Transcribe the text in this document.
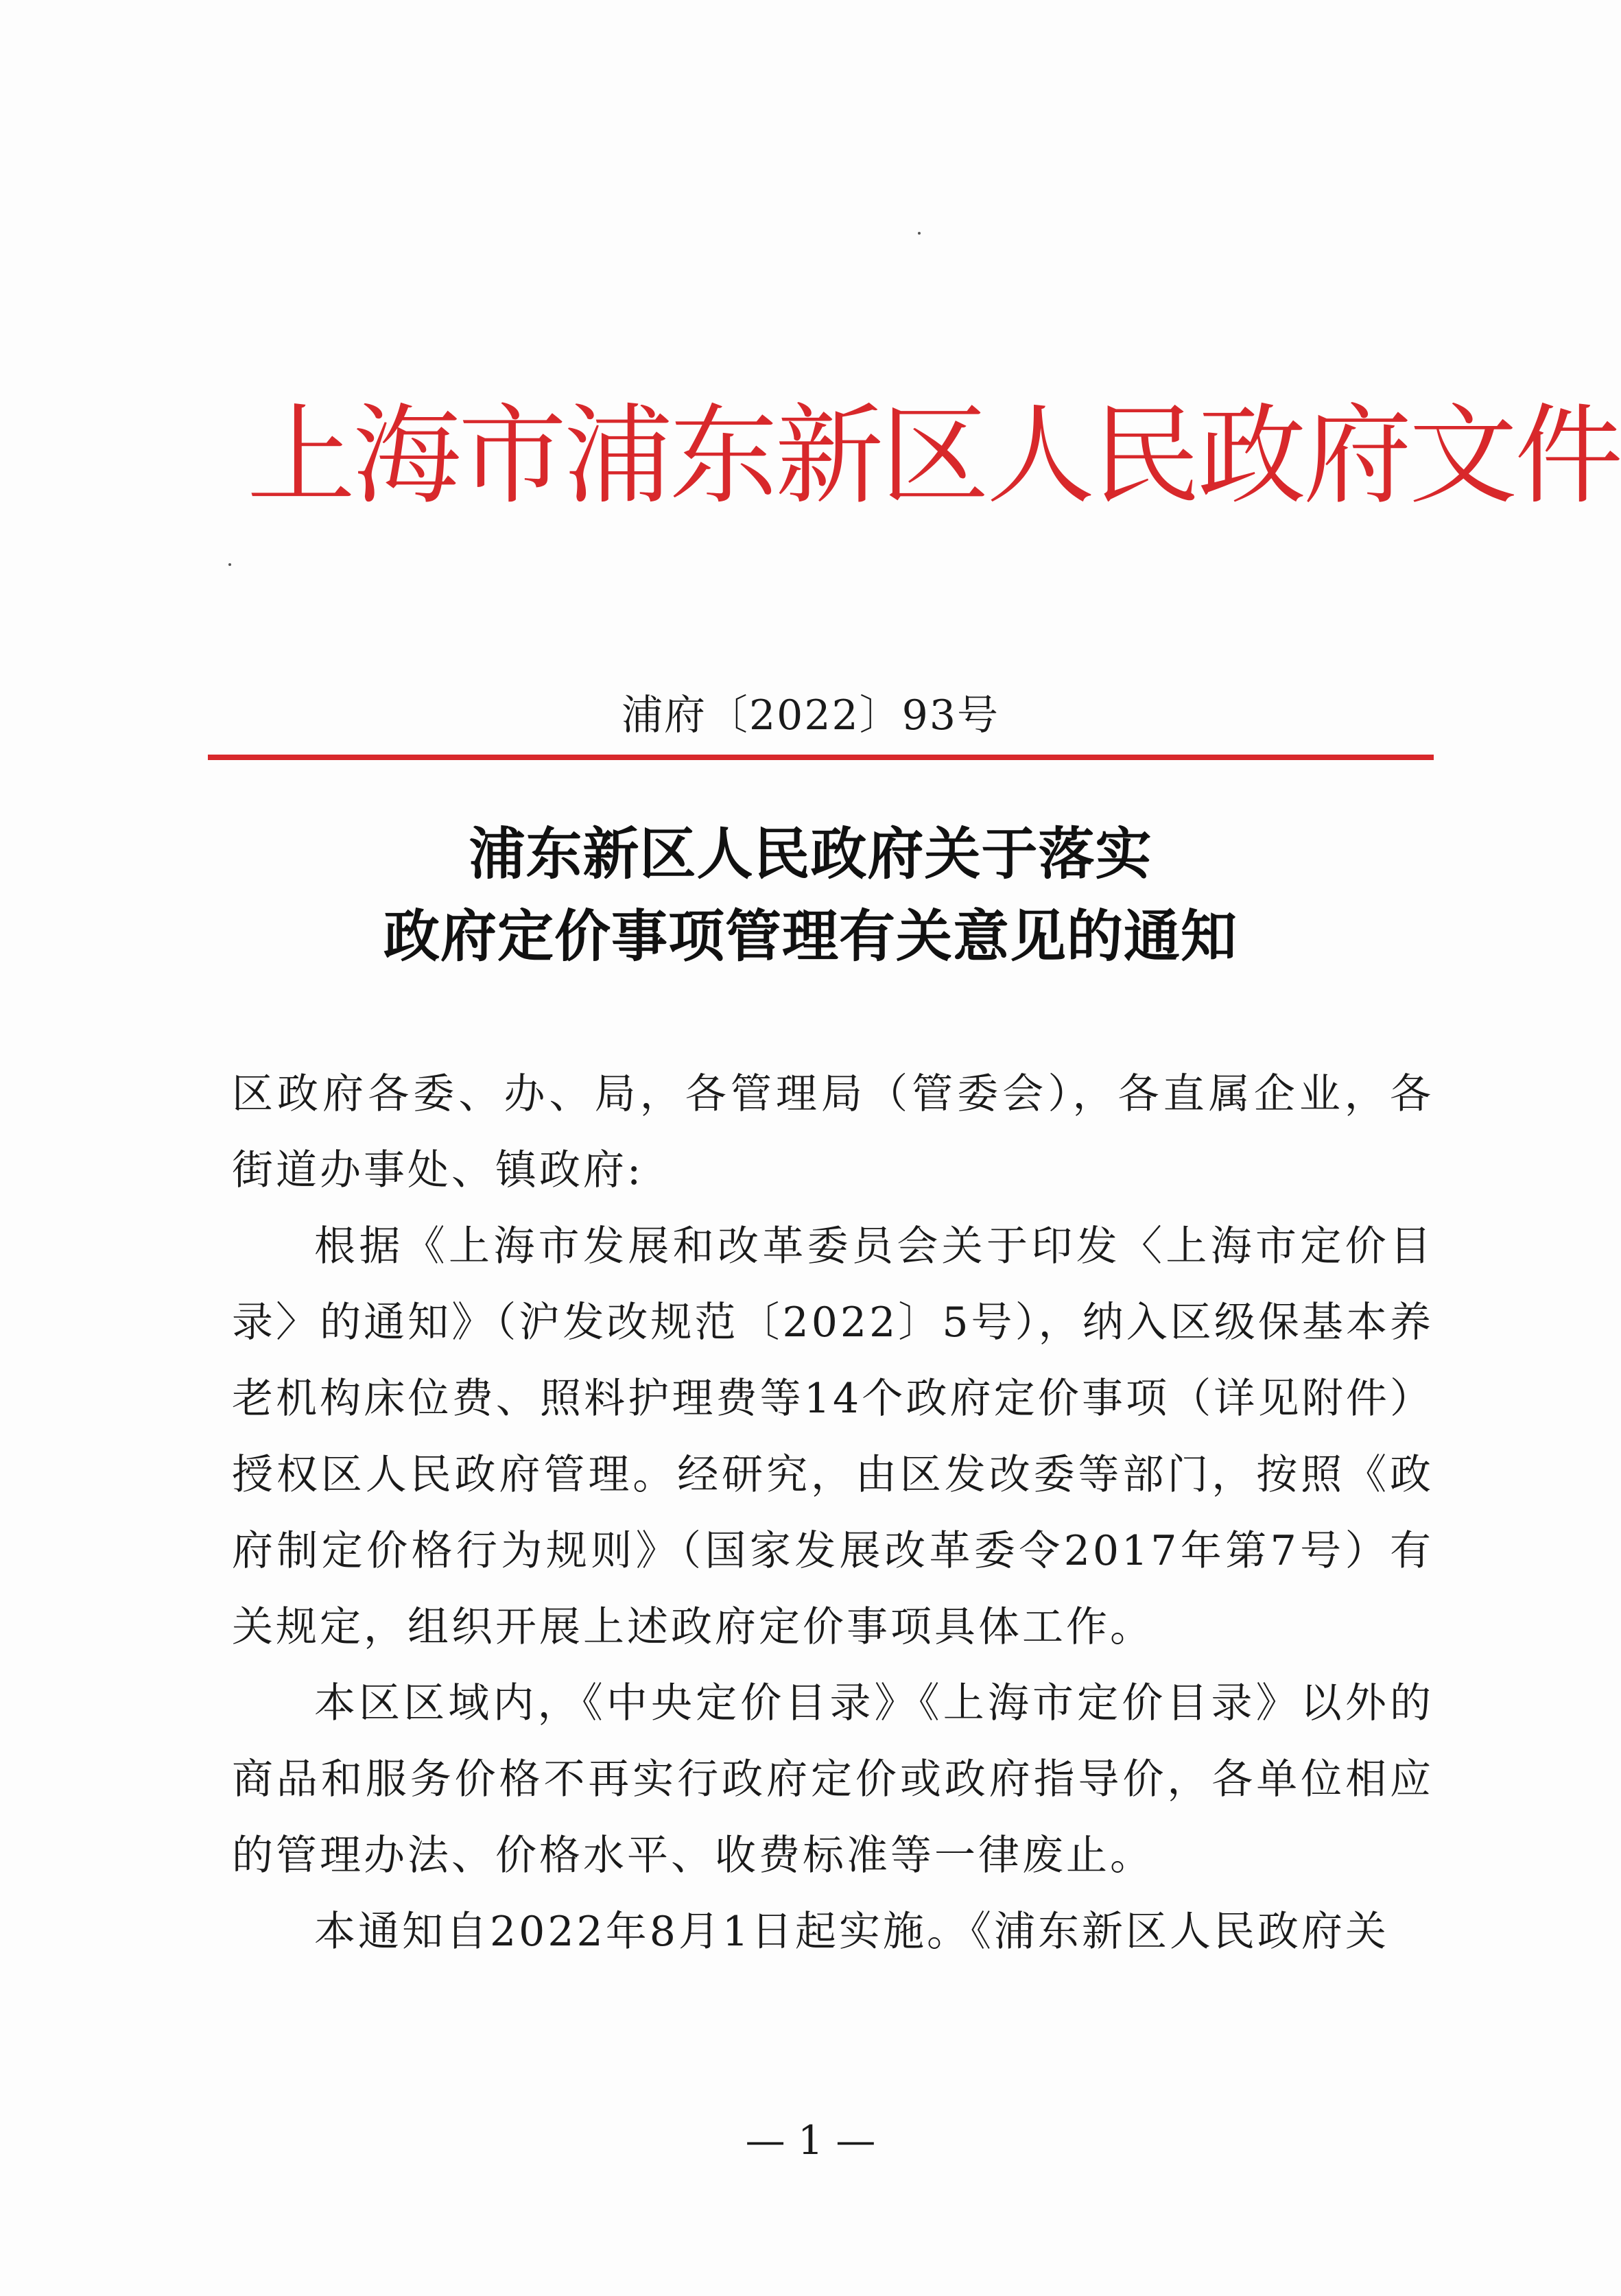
上海市浦东新区人民政府文件
浦府〔2022〕93号
浦东新区人民政府关于落实
政府定价事项管理有关意见的通知

区政府各委、办、局，各管理局（管委会），各直属企业，各街道办事处、镇政府:

根据《上海市发展和改革委员会关于印发〈上海市定价目录〉的通知》（沪发改规范〔2022〕5号），纳入区级保基本养老机构床位费、照料护理费等14个政府定价事项（详见附件）授权区人民政府管理。经研究，由区发改委等部门，按照《政府制定价格行为规则》（国家发展改革委令2017年第7号）有关规定，组织开展上述政府定价事项具体工作。

本区区域内，《中央定价目录》《上海市定价目录》以外的商品和服务价格不再实行政府定价或政府指导价，各单位相应的管理办法、价格水平、收费标准等一律废止。

本通知自2022年8月1日起实施。《浦东新区人民政府关

— 1 —
